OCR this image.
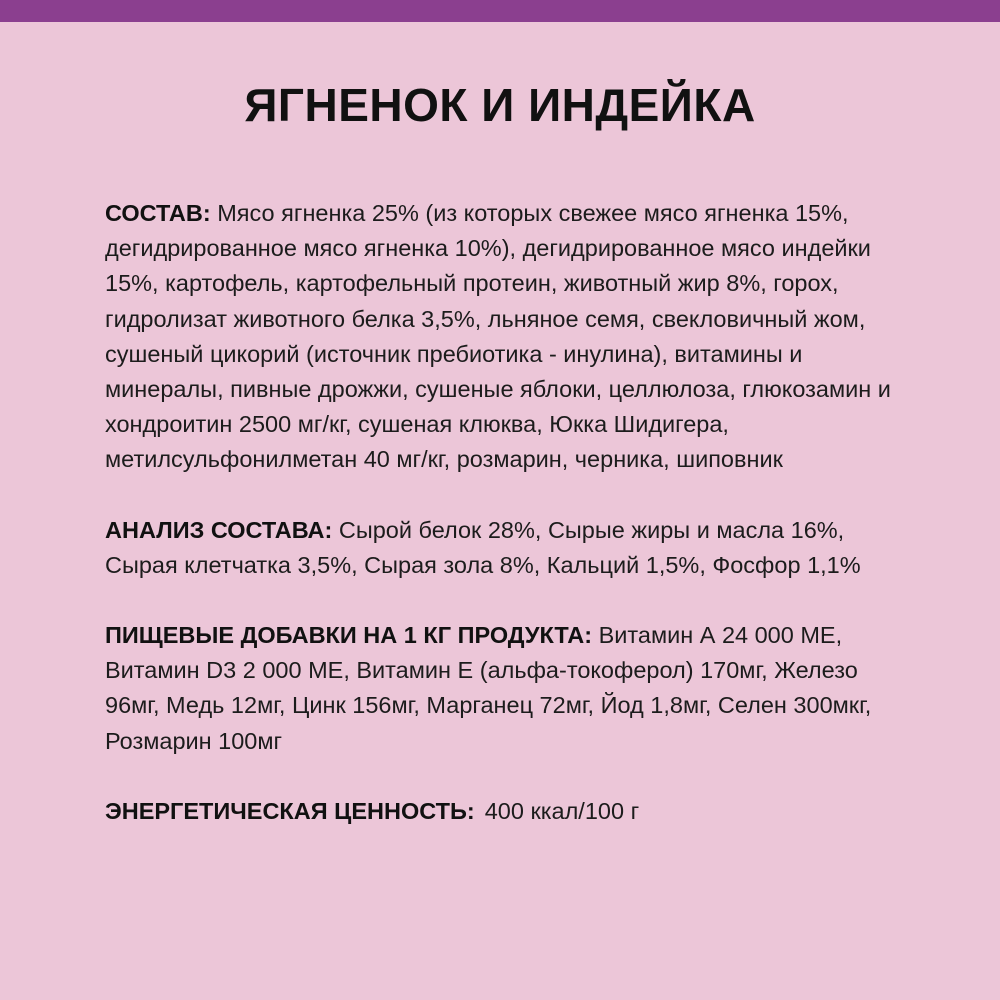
ЯГНЕНОК И ИНДЕЙКА

СОСТАВ: Мясо ягненка 25% (из которых свежее мясо ягненка 15%, дегидрированное мясо ягненка 10%), дегидрированное мясо индейки 15%, картофель, картофельный протеин, животный жир 8%, горох, гидролизат животного белка 3,5%, льняное семя, свекловичный жом, сушеный цикорий (источник пребиотика - инулина), витамины и минералы, пивные дрожжи, сушеные яблоки, целлюлоза, глюкозамин и хондроитин 2500 мг/кг, сушеная клюква, Юкка Шидигера, метилсульфонилметан 40 мг/кг, розмарин, черника, шиповник

АНАЛИЗ СОСТАВА: Сырой белок 28%, Сырые жиры и масла 16%, Сырая клетчатка 3,5%, Сырая зола 8%, Кальций 1,5%, Фосфор 1,1%

ПИЩЕВЫЕ ДОБАВКИ НА 1 КГ ПРОДУКТА: Витамин А 24 000 МЕ, Витамин D3 2 000 МЕ, Витамин Е (альфа-токоферол) 170мг, Железо 96мг, Медь 12мг, Цинк 156мг, Марганец 72мг, Йод 1,8мг, Селен 300мкг, Розмарин 100мг

ЭНЕРГЕТИЧЕСКАЯ ЦЕННОСТЬ: 400 ккал/100 г
